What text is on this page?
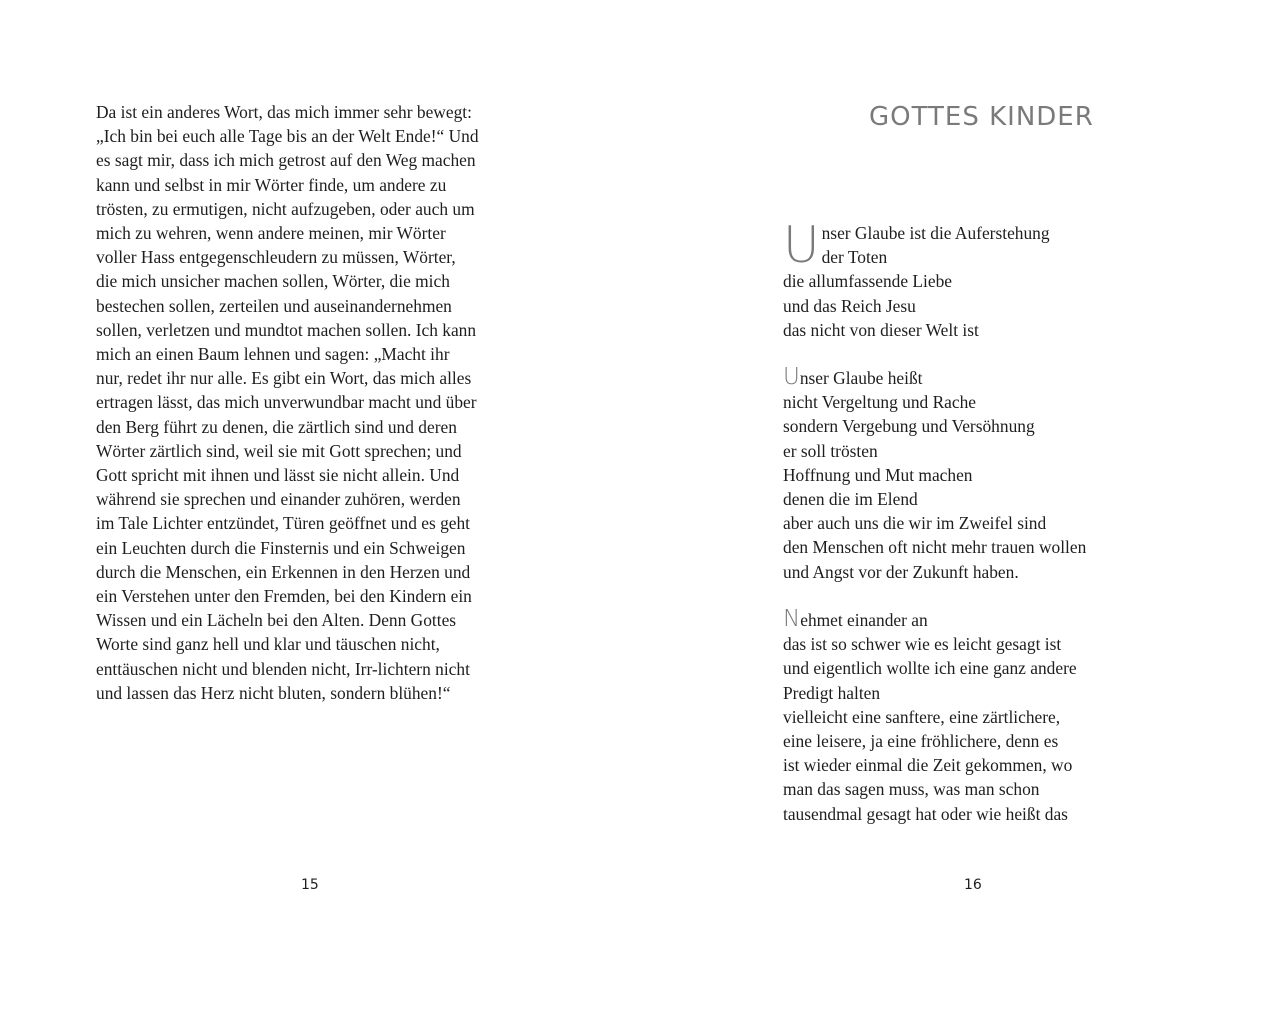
Da ist ein anderes Wort, das mich immer sehr bewegt:
„Ich bin bei euch alle Tage bis an der Welt Ende!“ Und
es sagt mir, dass ich mich getrost auf den Weg machen
kann und selbst in mir Wörter finde, um andere zu
trösten, zu ermutigen, nicht aufzugeben, oder auch um
mich zu wehren, wenn andere meinen, mir Wörter
voller Hass entgegenschleudern zu müssen, Wörter,
die mich unsicher machen sollen, Wörter, die mich
bestechen sollen, zerteilen und auseinandernehmen
sollen, verletzen und mundtot machen sollen. Ich kann
mich an einen Baum lehnen und sagen: „Macht ihr
nur, redet ihr nur alle. Es gibt ein Wort, das mich alles
ertragen lässt, das mich unverwundbar macht und über
den Berg führt zu denen, die zärtlich sind und deren
Wörter zärtlich sind, weil sie mit Gott sprechen; und
Gott spricht mit ihnen und lässt sie nicht allein. Und
während sie sprechen und einander zuhören, werden
im Tale Lichter entzündet, Türen geöffnet und es geht
ein Leuchten durch die Finsternis und ein Schweigen
durch die Menschen, ein Erkennen in den Herzen und
ein Verstehen unter den Fremden, bei den Kindern ein
Wissen und ein Lächeln bei den Alten. Denn Gottes
Worte sind ganz hell und klar und täuschen nicht,
enttäuschen nicht und blenden nicht, Irr-lichtern nicht
und lassen das Herz nicht bluten, sondern blühen!“

15
GOTTES KINDER
U nser Glaube ist die Auferstehung
der Toten
die allumfassende Liebe
und das Reich Jesu
das nicht von dieser Welt ist
Unser Glaube heißt
nicht Vergeltung und Rache
sondern Vergebung und Versöhnung
er soll trösten
Hoffnung und Mut machen
denen die im Elend
aber auch uns die wir im Zweifel sind
den Menschen oft nicht mehr trauen wollen
und Angst vor der Zukunft haben.
Nehmet einander an
das ist so schwer wie es leicht gesagt ist
und eigentlich wollte ich eine ganz andere
Predigt halten
vielleicht eine sanftere, eine zärtlichere,
eine leisere, ja eine fröhlichere, denn es
ist wieder einmal die Zeit gekommen, wo
man das sagen muss, was man schon
tausendmal gesagt hat oder wie heißt das
16
